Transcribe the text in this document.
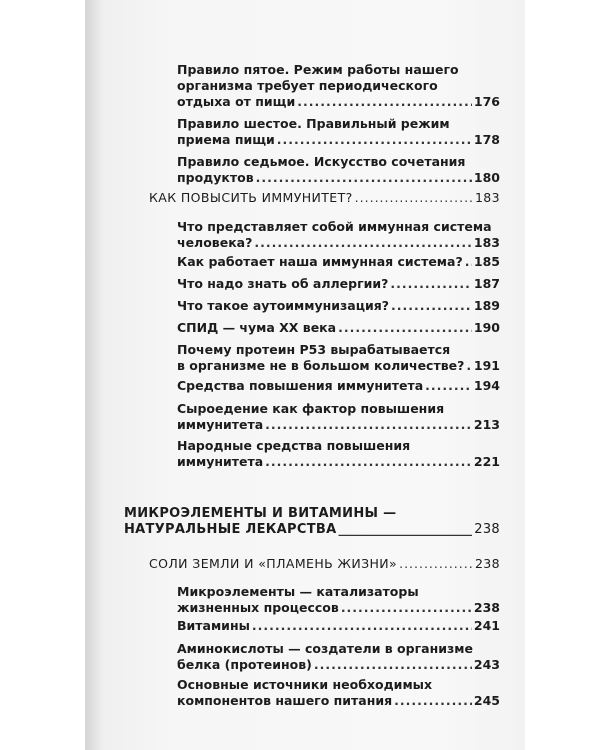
Правило пятое. Режим работы нашего
организма требует периодического
отдыха от пищи .....	176
Правило шестое. Правильный режим
приема пищи .....	178
Правило седьмое. Искусство сочетания
продуктов .....	180
КАК ПОВЫСИТЬ ИММУНИТЕТ? .....	183
Что представляет собой иммунная система
человека? .....	183
Как работает наша иммунная система? ..... 185
Что надо знать об аллергии? .....	187
Что такое аутоиммунизация? .....	189
СПИД — чума XX века .....	190
Почему протеин P53 вырабатывается
в организме не в большом количестве? ..... 191
Средства повышения иммунитета .....	194
Сыроедение как фактор повышения
иммунитета .....	213
Народные средства повышения
иммунитета .....	221
МИКРОЭЛЕМЕНТЫ И ВИТАМИНЫ —
НАТУРАЛЬНЫЕ ЛЕКАРСТВА _____	238
СОЛИ ЗЕМЛИ И «ПЛАМЕНЬ ЖИЗНИ» .....	238
Микроэлементы — катализаторы
жизненных процессов .....	238
Витамины .....	241
Аминокислоты — создатели в организме
белка (протеинов) .....	243
Основные источники необходимых
компонентов нашего питания .....	245
